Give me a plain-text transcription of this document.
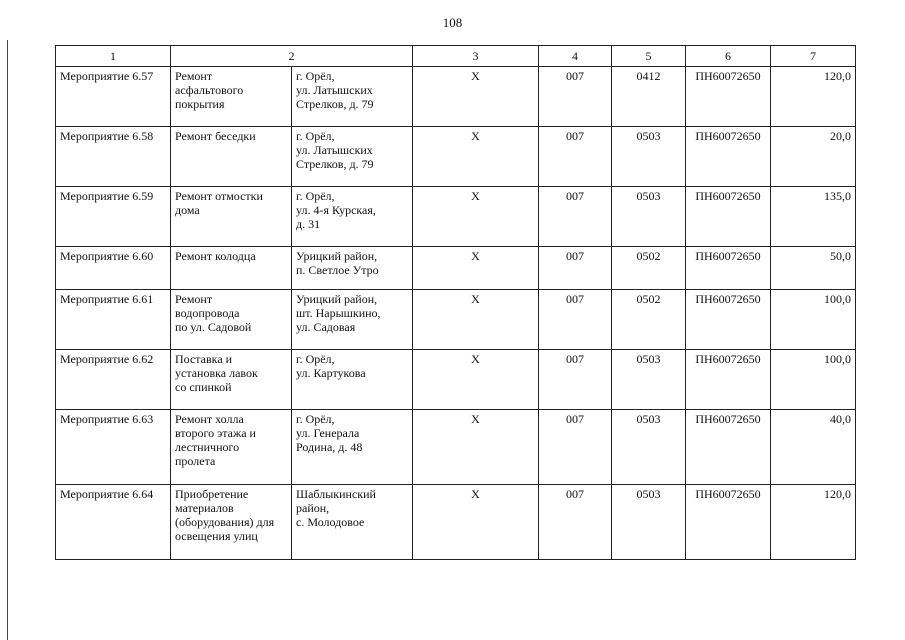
108
1	2		3	4	5	6	7
Мероприятие 6.57	Ремонт
асфальтового
покрытия	г. Орёл,
ул. Латышских
Стрелков, д. 79	Х	007	0412	ПН60072650	120,0
Мероприятие 6.58	Ремонт беседки	г. Орёл,
ул. Латышских
Стрелков, д. 79	Х	007	0503	ПН60072650	20,0
Мероприятие 6.59	Ремонт отмостки
дома	г. Орёл,
ул. 4-я Курская,
д. 31	Х	007	0503	ПН60072650	135,0
Мероприятие 6.60	Ремонт колодца	Урицкий район,
п. Светлое Утро	Х	007	0502	ПН60072650	50,0
Мероприятие 6.61	Ремонт
водопровода
по ул. Садовой	Урицкий район,
шт. Нарышкино,
ул. Садовая	Х	007	0502	ПН60072650	100,0
Мероприятие 6.62	Поставка и
установка лавок
со спинкой	г. Орёл,
ул. Картукова	Х	007	0503	ПН60072650	100,0
Мероприятие 6.63	Ремонт холла
второго этажа и
лестничного
пролета	г. Орёл,
ул. Генерала
Родина, д. 48	Х	007	0503	ПН60072650	40,0
Мероприятие 6.64	Приобретение
материалов
(оборудования) для
освещения улиц	Шаблыкинский
район,
с. Молодовое	Х	007	0503	ПН60072650	120,0
